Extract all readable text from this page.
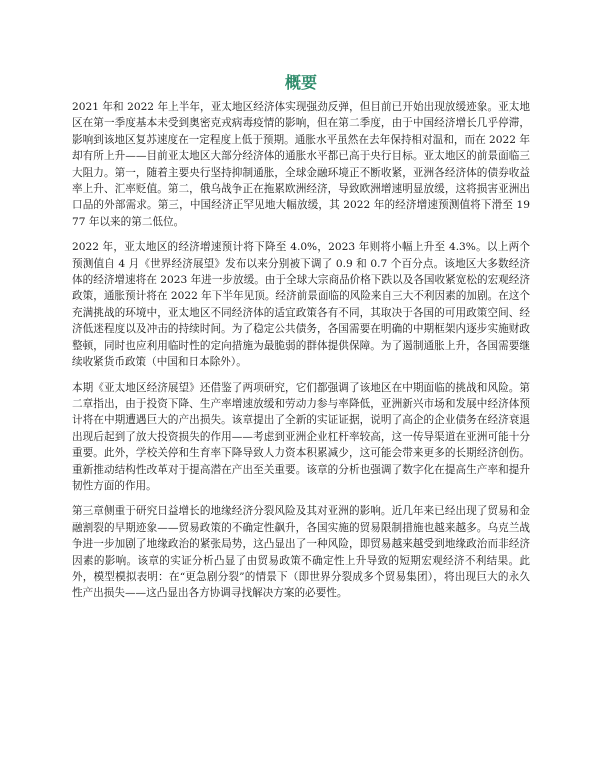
概要

2021 年和 2022 年上半年，亚太地区经济体实现强劲反弹，但目前已开始出现放缓迹象。亚太地区在第一季度基本未受到奥密克戎病毒疫情的影响，但在第二季度，由于中国经济增长几乎停滞，影响到该地区复苏速度在一定程度上低于预期。通胀水平虽然在去年保持相对温和，而在 2022 年却有所上升——目前亚太地区大部分经济体的通胀水平都已高于央行目标。亚太地区的前景面临三大阻力。第一，随着主要央行坚持抑制通胀，全球金融环境正不断收紧，亚洲各经济体的债券收益率上升、汇率贬值。第二，俄乌战争正在拖累欧洲经济，导致欧洲增速明显放缓，这将损害亚洲出口品的外部需求。第三，中国经济正罕见地大幅放缓，其 2022 年的经济增速预测值将下滑至 1977 年以来的第二低位。

2022 年，亚太地区的经济增速预计将下降至 4.0%，2023 年则将小幅上升至 4.3%。以上两个预测值自 4 月《世界经济展望》发布以来分别被下调了 0.9 和 0.7 个百分点。该地区大多数经济体的经济增速将在 2023 年进一步放缓。由于全球大宗商品价格下跌以及各国收紧宽松的宏观经济政策，通胀预计将在 2022 年下半年见顶。经济前景面临的风险来自三大不利因素的加剧。在这个充满挑战的环境中，亚太地区不同经济体的适宜政策各有不同，其取决于各国的可用政策空间、经济低迷程度以及冲击的持续时间。为了稳定公共债务，各国需要在明确的中期框架内逐步实施财政整顿，同时也应利用临时性的定向措施为最脆弱的群体提供保障。为了遏制通胀上升，各国需要继续收紧货币政策（中国和日本除外）。

本期《亚太地区经济展望》还借鉴了两项研究，它们都强调了该地区在中期面临的挑战和风险。第二章指出，由于投资下降、生产率增速放缓和劳动力参与率降低，亚洲新兴市场和发展中经济体预计将在中期遭遇巨大的产出损失。该章提出了全新的实证证据，说明了高企的企业债务在经济衰退出现后起到了放大投资损失的作用——考虑到亚洲企业杠杆率较高，这一传导渠道在亚洲可能十分重要。此外，学校关停和生育率下降导致人力资本积累减少，这可能会带来更多的长期经济创伤。重新推动结构性改革对于提高潜在产出至关重要。该章的分析也强调了数字化在提高生产率和提升韧性方面的作用。

第三章侧重于研究日益增长的地缘经济分裂风险及其对亚洲的影响。近几年来已经出现了贸易和金融割裂的早期迹象——贸易政策的不确定性飙升，各国实施的贸易限制措施也越来越多。乌克兰战争进一步加剧了地缘政治的紧张局势，这凸显出了一种风险，即贸易越来越受到地缘政治而非经济因素的影响。该章的实证分析凸显了由贸易政策不确定性上升导致的短期宏观经济不利结果。此外，模型模拟表明：在“更急剧分裂”的情景下（即世界分裂成多个贸易集团），将出现巨大的永久性产出损失——这凸显出各方协调寻找解决方案的必要性。
